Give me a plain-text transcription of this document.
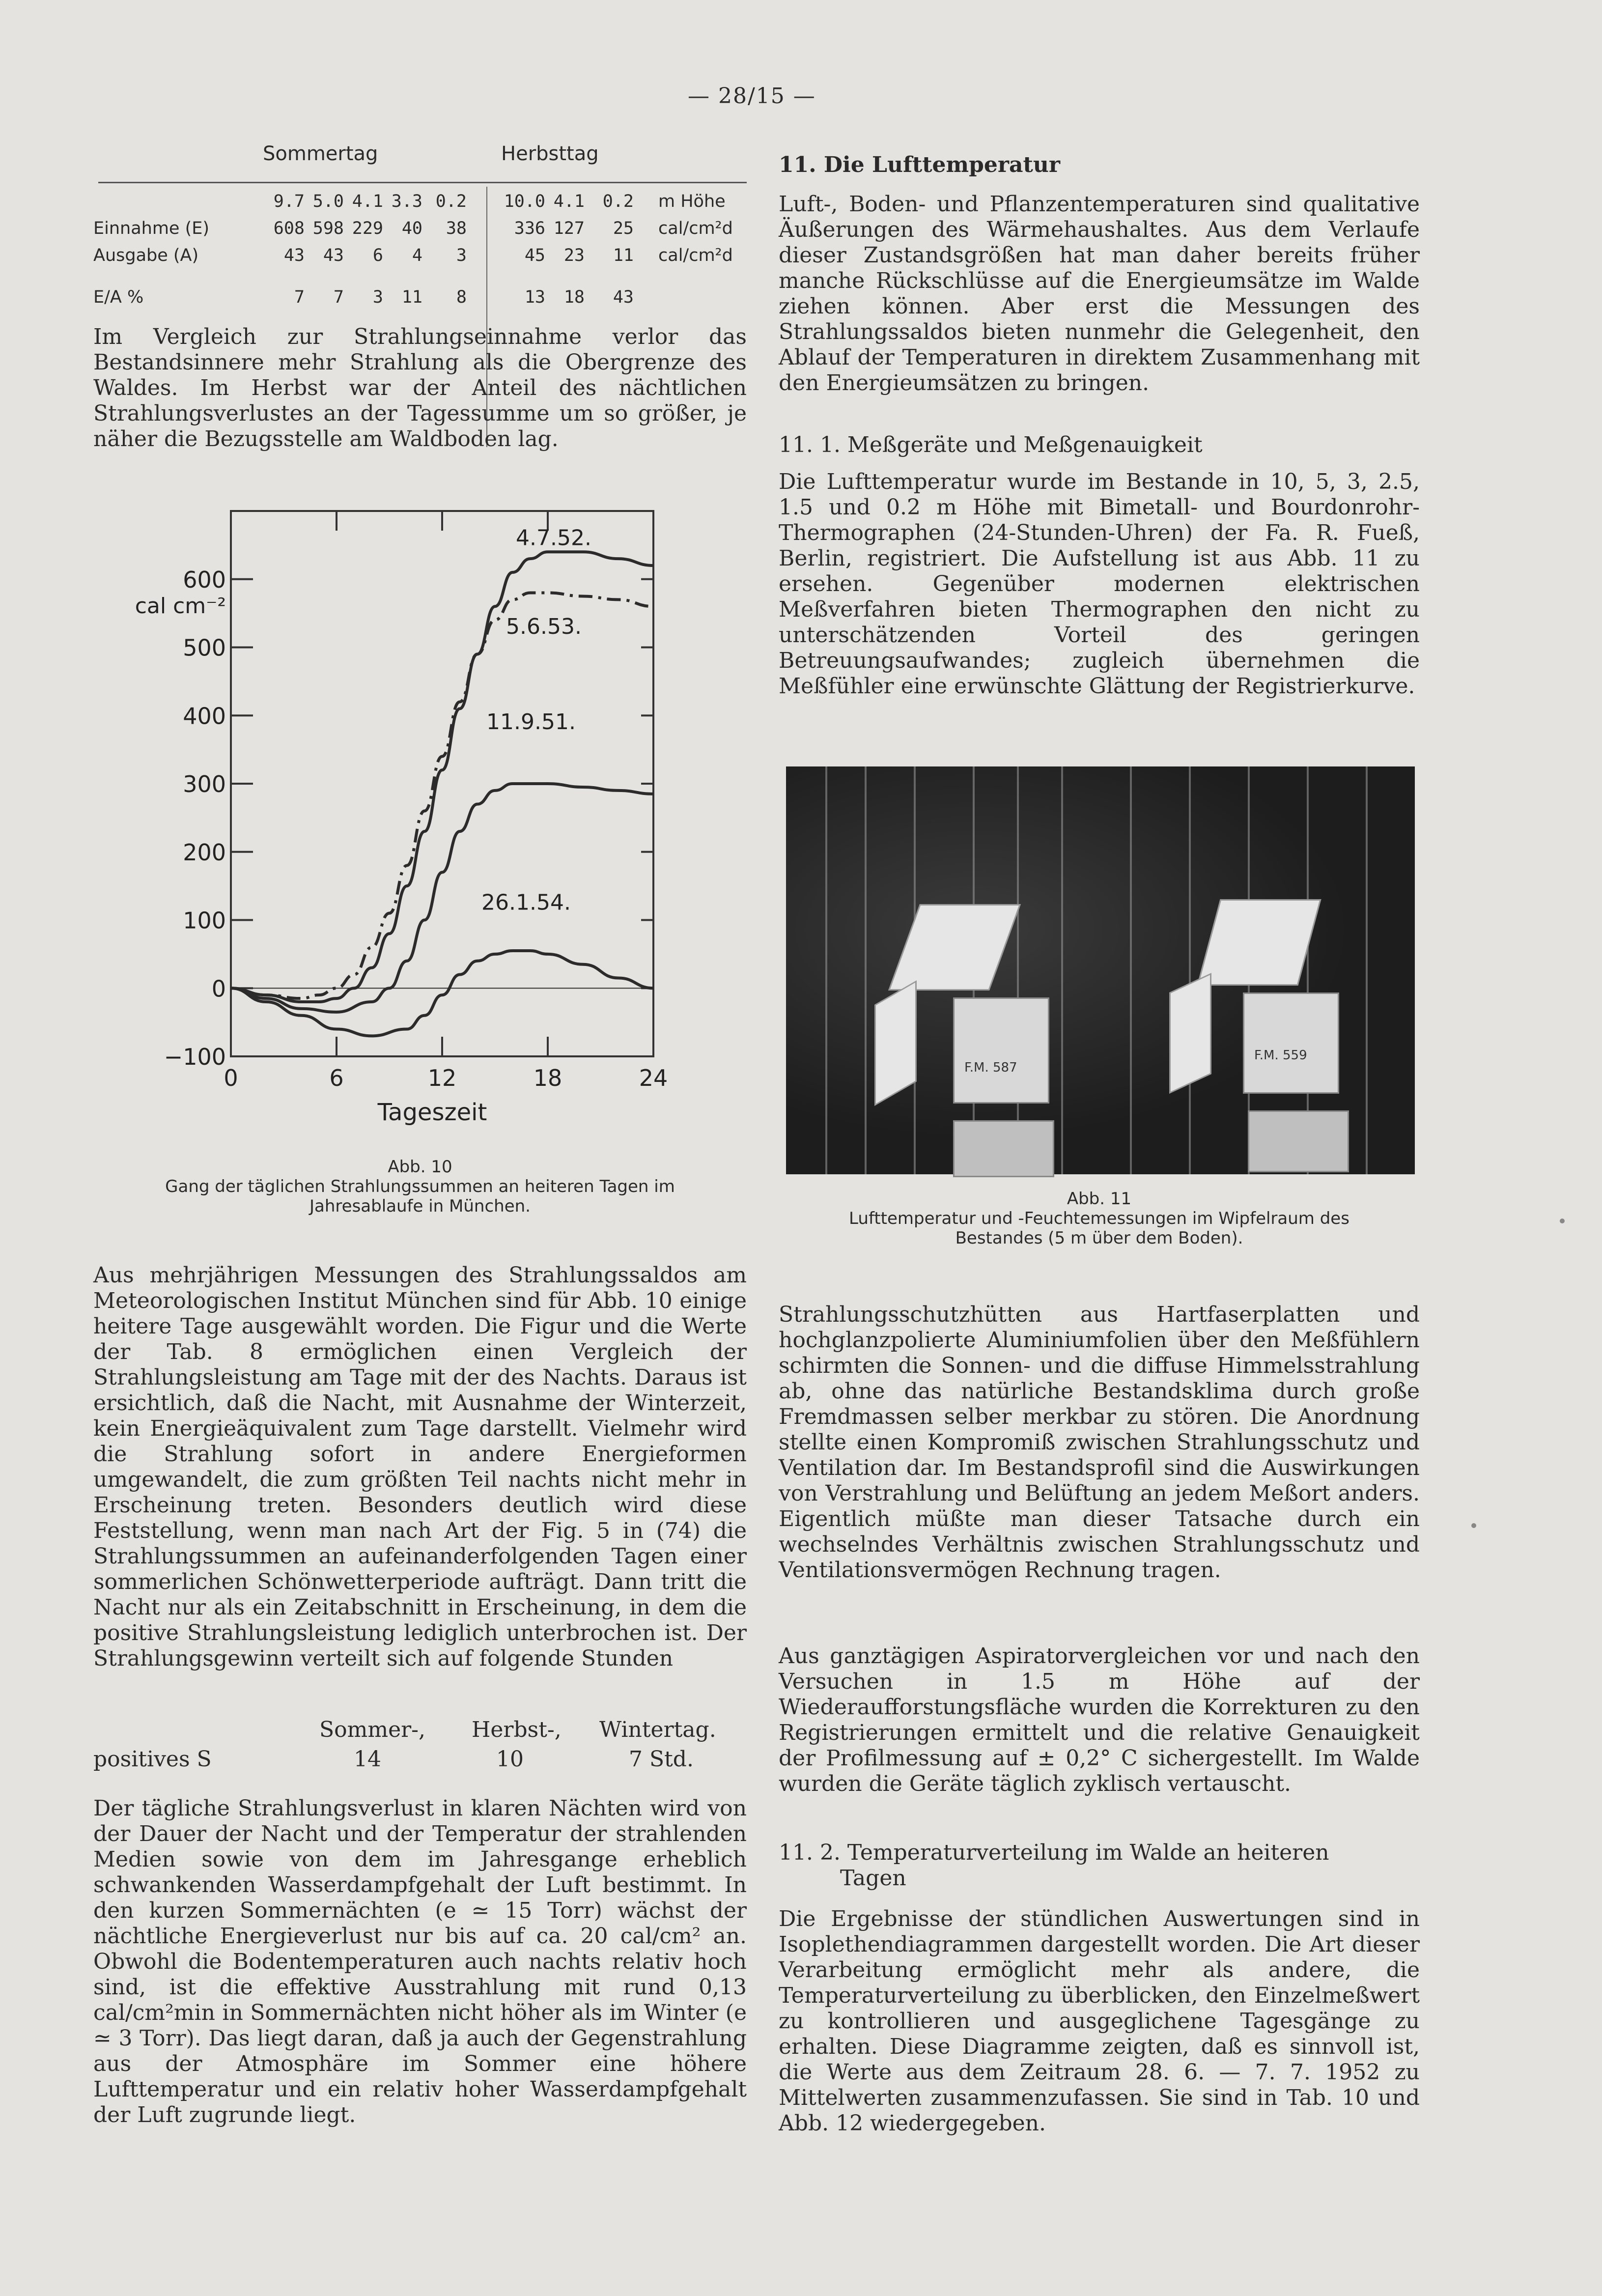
— 28/15 —
Sommertag	Herbsttag
9.7 5.0 4.1 3.3 0.2 10.0 4.1 0.2 m Höhe
Einnahme (E)	608 598 229	40	38	336 127	25 cal/cm²d
Ausgabe (A)	43	43	6	4	3	45	23	11 cal/cm²d
E/A %	7	7	3	11	8	13	18	43

Im Vergleich zur Strahlungseinnahme verlor das Bestandsinnere mehr Strahlung als die Obergrenze des Waldes. Im Herbst war der Anteil des nächtlichen Strahlungsverlustes an der Tagessumme um so größer, je näher die Bezugsstelle am Waldboden lag.

600
500
400
300
200
100
0
−100
0	6	12	18	24
Tageszeit
cal cm⁻²
4.7.52.
5.6.53.
11.9.51.
26.1.54.
Abb. 10
Gang der täglichen Strahlungssummen an heiteren Tagen im
Jahresablaufe in München.

Aus mehrjährigen Messungen des Strahlungssaldos am Meteorologischen Institut München sind für Abb. 10 einige heitere Tage ausgewählt worden. Die Figur und die Werte der Tab. 8 ermöglichen einen Vergleich der Strahlungsleistung am Tage mit der des Nachts. Daraus ist ersichtlich, daß die Nacht, mit Ausnahme der Winterzeit, kein Energieäquivalent zum Tage darstellt. Vielmehr wird die Strahlung sofort in andere Energieformen umgewandelt, die zum größten Teil nachts nicht mehr in Erscheinung treten. Besonders deutlich wird diese Feststellung, wenn man nach Art der Fig. 5 in (74) die Strahlungssummen an aufeinanderfolgenden Tagen einer sommerlichen Schönwetterperiode aufträgt. Dann tritt die Nacht nur als ein Zeitabschnitt in Erscheinung, in dem die positive Strahlungsleistung lediglich unterbrochen ist. Der Strahlungsgewinn verteilt sich auf folgende Stunden

Sommer-, Herbst-, Wintertag.
positives S	14	10	7 Std.

Der tägliche Strahlungsverlust in klaren Nächten wird von der Dauer der Nacht und der Temperatur der strahlenden Medien sowie von dem im Jahresgange erheblich schwankenden Wasserdampfgehalt der Luft bestimmt. In den kurzen Sommernächten (e ≃ 15 Torr) wächst der nächtliche Energieverlust nur bis auf ca. 20 cal/cm² an. Obwohl die Bodentemperaturen auch nachts relativ hoch sind, ist die effektive Ausstrahlung mit rund 0,13 cal/cm²min in Sommernächten nicht höher als im Winter (e ≃ 3 Torr). Das liegt daran, daß ja auch der Gegenstrahlung aus der Atmosphäre im Sommer eine höhere Lufttemperatur und ein relativ hoher Wasserdampfgehalt der Luft zugrunde liegt.

11. Die Lufttemperatur

Luft-, Boden- und Pflanzentemperaturen sind qualitative Äußerungen des Wärmehaushaltes. Aus dem Verlaufe dieser Zustandsgrößen hat man daher bereits früher manche Rückschlüsse auf die Energieumsätze im Walde ziehen können. Aber erst die Messungen des Strahlungssaldos bieten nunmehr die Gelegenheit, den Ablauf der Temperaturen in direktem Zusammenhang mit den Energieumsätzen zu bringen.

11. 1. Meßgeräte und Meßgenauigkeit

Die Lufttemperatur wurde im Bestande in 10, 5, 3, 2.5, 1.5 und 0.2 m Höhe mit Bimetall- und Bourdonrohr-Thermographen (24-Stunden-Uhren) der Fa. R. Fueß, Berlin, registriert. Die Aufstellung ist aus Abb. 11 zu ersehen. Gegenüber modernen elektrischen Meßverfahren bieten Thermographen den nicht zu unterschätzenden Vorteil des geringen Betreuungsaufwandes; zugleich übernehmen die Meßfühler eine erwünschte Glättung der Registrierkurve.

F.M. 587
F.M. 559
Abb. 11
Lufttemperatur und -Feuchtemessungen im Wipfelraum des
Bestandes (5 m über dem Boden).

Strahlungsschutzhütten aus Hartfaserplatten und hochglanzpolierte Aluminiumfolien über den Meßfühlern schirmten die Sonnen- und die diffuse Himmelsstrahlung ab, ohne das natürliche Bestandsklima durch große Fremdmassen selber merkbar zu stören. Die Anordnung stellte einen Kompromiß zwischen Strahlungsschutz und Ventilation dar. Im Bestandsprofil sind die Auswirkungen von Verstrahlung und Belüftung an jedem Meßort anders. Eigentlich müßte man dieser Tatsache durch ein wechselndes Verhältnis zwischen Strahlungsschutz und Ventilationsvermögen Rechnung tragen.

Aus ganztägigen Aspiratorvergleichen vor und nach den Versuchen in 1.5 m Höhe auf der Wiederaufforstungsfläche wurden die Korrekturen zu den Registrierungen ermittelt und die relative Genauigkeit der Profilmessung auf ± 0,2° C sichergestellt. Im Walde wurden die Geräte täglich zyklisch vertauscht.

11. 2. Temperaturverteilung im Walde an heiteren
Tagen

Die Ergebnisse der stündlichen Auswertungen sind in Isoplethendiagrammen dargestellt worden. Die Art dieser Verarbeitung ermöglicht mehr als andere, die Temperaturverteilung zu überblicken, den Einzelmeßwert zu kontrollieren und ausgeglichene Tagesgänge zu erhalten. Diese Diagramme zeigten, daß es sinnvoll ist, die Werte aus dem Zeitraum 28. 6. — 7. 7. 1952 zu Mittelwerten zusammenzufassen. Sie sind in Tab. 10 und Abb. 12 wiedergegeben.
